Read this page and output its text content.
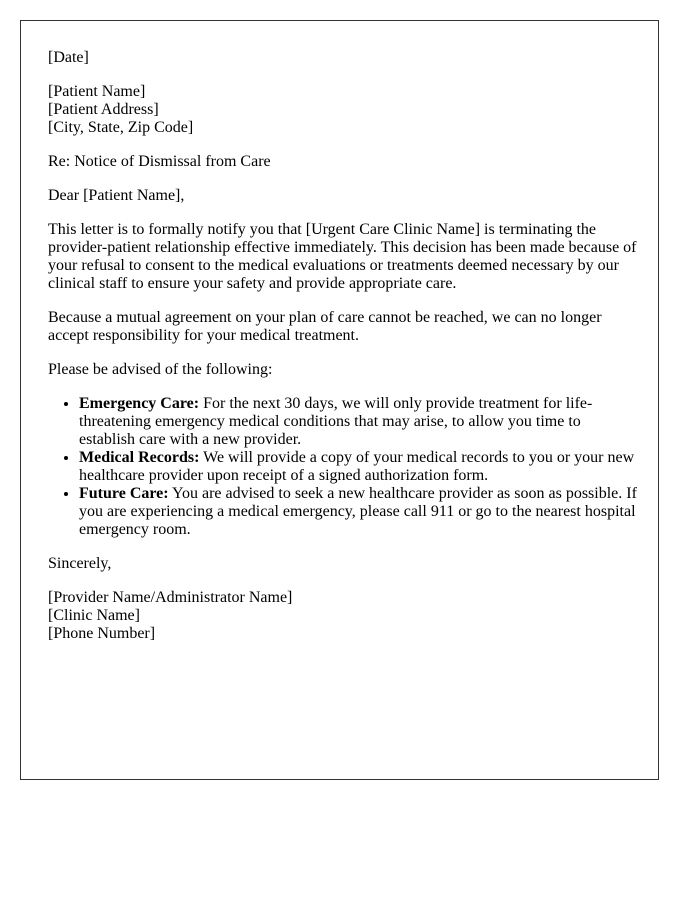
[Date]

[Patient Name]
[Patient Address]
[City, State, Zip Code]

Re: Notice of Dismissal from Care

Dear [Patient Name],

This letter is to formally notify you that [Urgent Care Clinic Name] is terminating the provider-patient relationship effective immediately. This decision has been made because of your refusal to consent to the medical evaluations or treatments deemed necessary by our clinical staff to ensure your safety and provide appropriate care.

Because a mutual agreement on your plan of care cannot be reached, we can no longer accept responsibility for your medical treatment.

Please be advised of the following:

• Emergency Care: For the next 30 days, we will only provide treatment for life-threatening emergency medical conditions that may arise, to allow you time to establish care with a new provider.
• Medical Records: We will provide a copy of your medical records to you or your new healthcare provider upon receipt of a signed authorization form.
• Future Care: You are advised to seek a new healthcare provider as soon as possible. If you are experiencing a medical emergency, please call 911 or go to the nearest hospital emergency room.

Sincerely,

[Provider Name/Administrator Name]
[Clinic Name]
[Phone Number]
